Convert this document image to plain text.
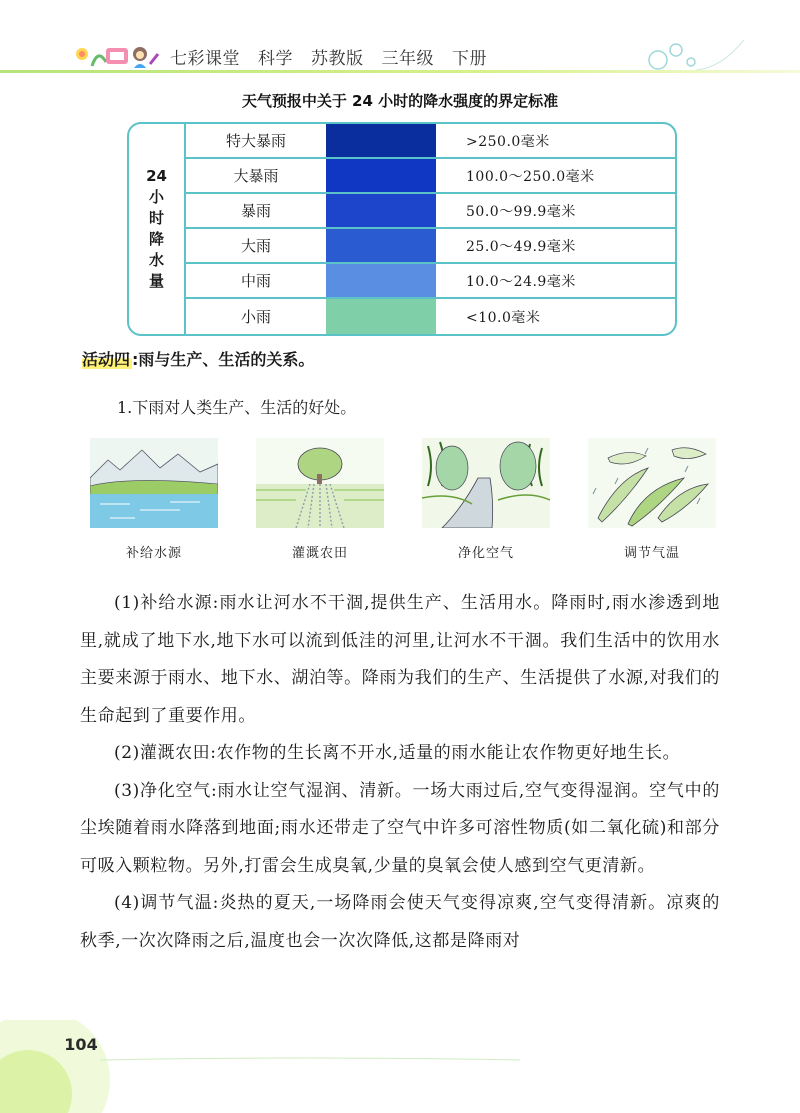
七彩课堂 科学 苏教版 三年级 下册
天气预报中关于 24 小时的降水强度的界定标准
24
小
时
降
水
量
特大暴雨	>250.0毫米
大暴雨	100.0～250.0毫米
暴雨	50.0～99.9毫米
大雨	25.0～49.9毫米
中雨	10.0～24.9毫米
小雨	<10.0毫米
活动四 :雨与生产、生活的关系。
1.下雨对人类生产、生活的好处。
补给水源	灌溉农田	净化空气	调节气温

(1)补给水源:雨水让河水不干涸,提供生产、生活用水。降雨时,雨水渗透到地里,就成了地下水,地下水可以流到低洼的河里,让河水不干涸。我们生活中的饮用水主要来源于雨水、地下水、湖泊等。降雨为我们的生产、生活提供了水源,对我们的生命起到了重要作用。

(2)灌溉农田:农作物的生长离不开水,适量的雨水能让农作物更好地生长。

(3)净化空气:雨水让空气湿润、清新。一场大雨过后,空气变得湿润。空气中的尘埃随着雨水降落到地面;雨水还带走了空气中许多可溶性物质(如二氧化硫)和部分可吸入颗粒物。另外,打雷会生成臭氧,少量的臭氧会使人感到空气更清新。

(4)调节气温:炎热的夏天,一场降雨会使天气变得凉爽,空气变得清新。凉爽的秋季,一次次降雨之后,温度也会一次次降低,这都是降雨对

104
